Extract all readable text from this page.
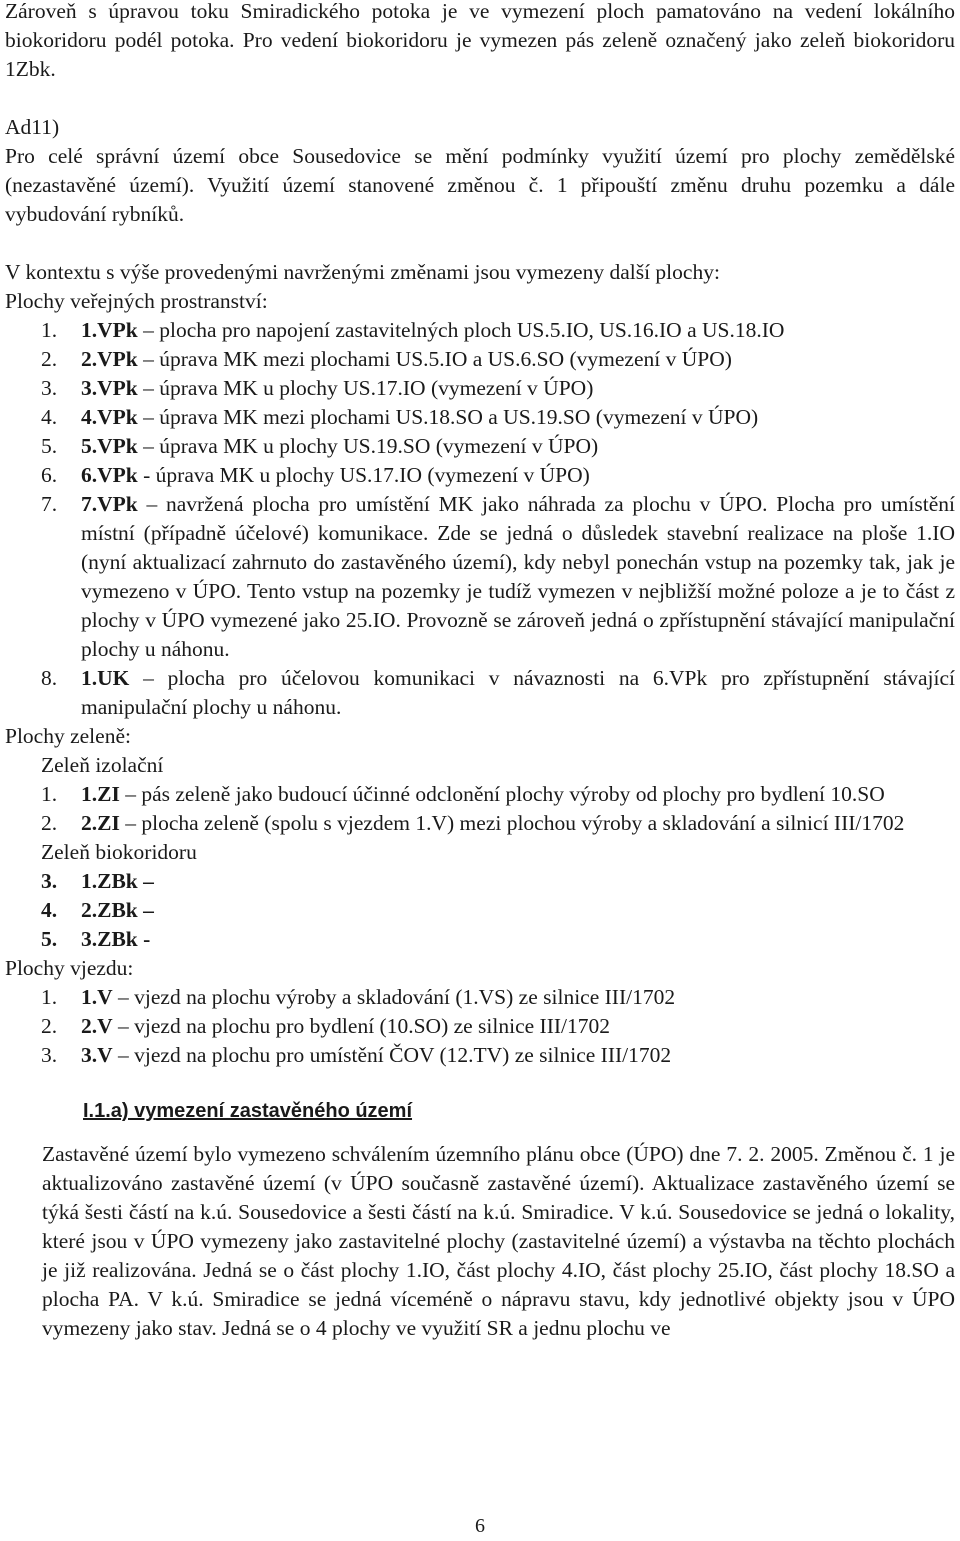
Zároveň s úpravou toku Smiradického potoka je ve vymezení ploch pamatováno na vedení lokálního biokoridoru podél potoka. Pro vedení biokoridoru je vymezen pás zeleně označený jako zeleň biokoridoru 1Zbk.

Ad11)

Pro celé správní území obce Sousedovice se mění podmínky využití území pro plochy zemědělské (nezastavěné území). Využití území stanovené změnou č. 1 připouští změnu druhu pozemku a dále vybudování rybníků.

V kontextu s výše provedenými navrženými změnami jsou vymezeny další plochy:

Plochy veřejných prostranství:

1.	1.VPk – plocha pro napojení zastavitelných ploch US.5.IO, US.16.IO a US.18.IO
2.	2.VPk – úprava MK mezi plochami US.5.IO a US.6.SO (vymezení v ÚPO)
3.	3.VPk – úprava MK u plochy US.17.IO (vymezení v ÚPO)
4.	4.VPk – úprava MK mezi plochami US.18.SO a US.19.SO (vymezení v ÚPO)
5.	5.VPk – úprava MK u plochy US.19.SO (vymezení v ÚPO)
6.	6.VPk - úprava MK u plochy US.17.IO (vymezení v ÚPO)
7.	7.VPk – navržená plocha pro umístění MK jako náhrada za plochu v ÚPO. Plocha pro umístění místní (případně účelové) komunikace. Zde se jedná o důsledek stavební realizace na ploše 1.IO (nyní aktualizací zahrnuto do zastavěného území), kdy nebyl ponechán vstup na pozemky tak, jak je vymezeno v ÚPO. Tento vstup na pozemky je tudíž vymezen v nejbližší možné poloze a je to část z plochy v ÚPO vymezené jako 25.IO. Provozně se zároveň jedná o zpřístupnění stávající manipulační plochy u náhonu.
8.	1.UK – plocha pro účelovou komunikaci v návaznosti na 6.VPk pro zpřístupnění stávající manipulační plochy u náhonu.

Plochy zeleně:

Zeleň izolační

1.	1.ZI – pás zeleně jako budoucí účinné odclonění plochy výroby od plochy pro bydlení 10.SO
2.	2.ZI – plocha zeleně (spolu s vjezdem 1.V) mezi plochou výroby a skladování a silnicí III/1702

Zeleň biokoridoru

3.	1.ZBk –
4.	2.ZBk –
5.	3.ZBk -

Plochy vjezdu:

1.	1.V – vjezd na plochu výroby a skladování (1.VS) ze silnice III/1702
2.	2.V – vjezd na plochu pro bydlení (10.SO) ze silnice III/1702
3.	3.V – vjezd na plochu pro umístění ČOV (12.TV) ze silnice III/1702

I.1.a) vymezení zastavěného území

Zastavěné území bylo vymezeno schválením územního plánu obce (ÚPO) dne 7. 2. 2005. Změnou č. 1 je aktualizováno zastavěné území (v ÚPO současně zastavěné území). Aktualizace zastavěného území se týká šesti částí na k.ú. Sousedovice a šesti částí na k.ú. Smiradice. V k.ú. Sousedovice se jedná o lokality, které jsou v ÚPO vymezeny jako zastavitelné plochy (zastavitelné území) a výstavba na těchto plochách je již realizována. Jedná se o část plochy 1.IO, část plochy 4.IO, část plochy 25.IO, část plochy 18.SO a plocha PA. V k.ú. Smiradice se jedná víceméně o nápravu stavu, kdy jednotlivé objekty jsou v ÚPO vymezeny jako stav. Jedná se o 4 plochy ve využití SR a jednu plochu ve

6
